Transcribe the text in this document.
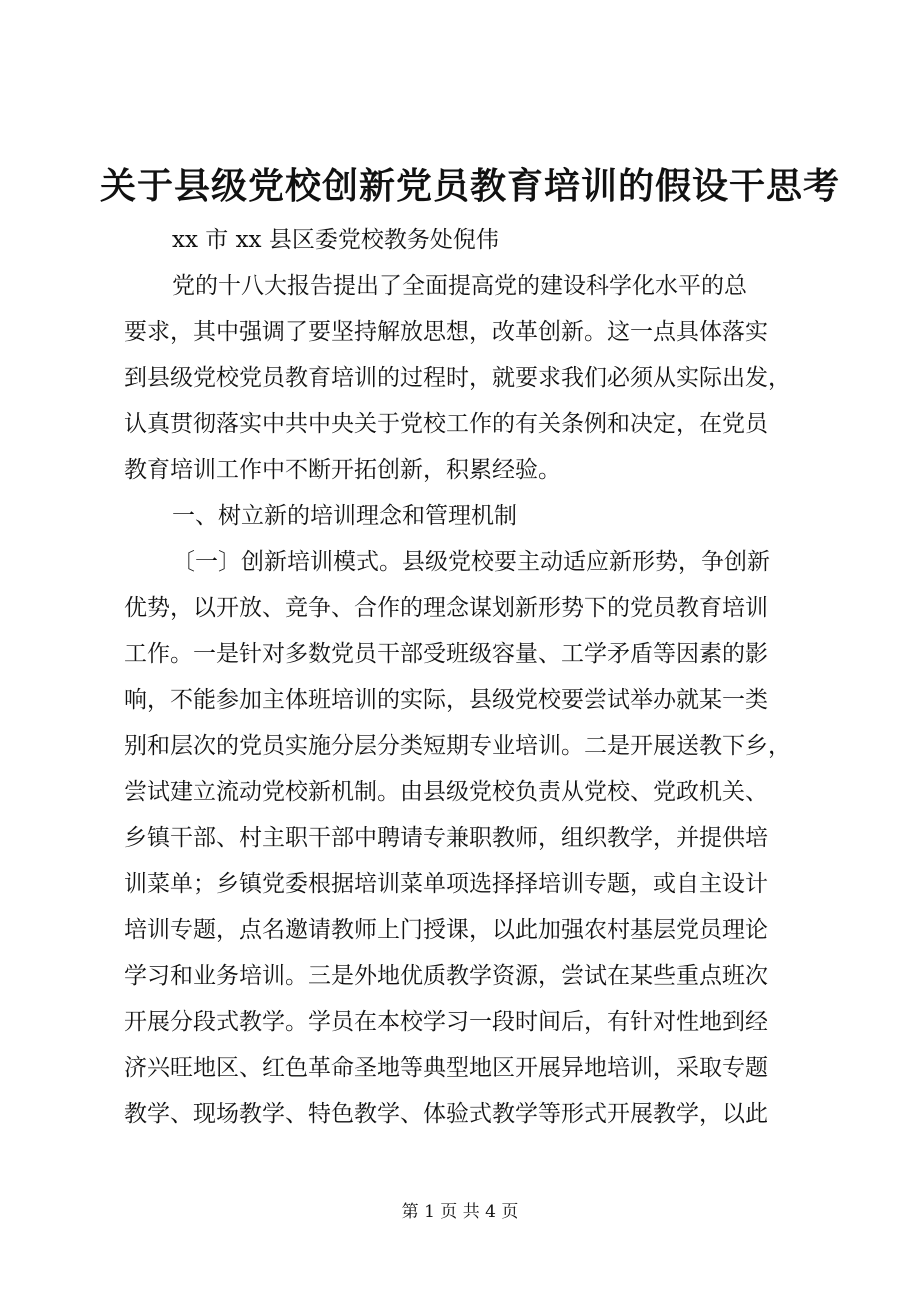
关于县级党校创新党员教育培训的假设干思考
xx 市 xx 县区委党校教务处倪伟
党的十八大报告提出了全面提高党的建设科学化水平的总
要求，其中强调了要坚持解放思想，改革创新。这一点具体落实
到县级党校党员教育培训的过程时，就要求我们必须从实际出发，
认真贯彻落实中共中央关于党校工作的有关条例和决定，在党员
教育培训工作中不断开拓创新，积累经验。
一、树立新的培训理念和管理机制
〔一〕创新培训模式。县级党校要主动适应新形势，争创新
优势，以开放、竞争、合作的理念谋划新形势下的党员教育培训
工作。一是针对多数党员干部受班级容量、工学矛盾等因素的影
响，不能参加主体班培训的实际，县级党校要尝试举办就某一类
别和层次的党员实施分层分类短期专业培训。二是开展送教下乡，
尝试建立流动党校新机制。由县级党校负责从党校、党政机关、
乡镇干部、村主职干部中聘请专兼职教师，组织教学，并提供培
训菜单；乡镇党委根据培训菜单项选择择培训专题，或自主设计
培训专题，点名邀请教师上门授课，以此加强农村基层党员理论
学习和业务培训。三是外地优质教学资源，尝试在某些重点班次
开展分段式教学。学员在本校学习一段时间后，有针对性地到经
济兴旺地区、红色革命圣地等典型地区开展异地培训，采取专题
教学、现场教学、特色教学、体验式教学等形式开展教学，以此
第 1 页 共 4 页
